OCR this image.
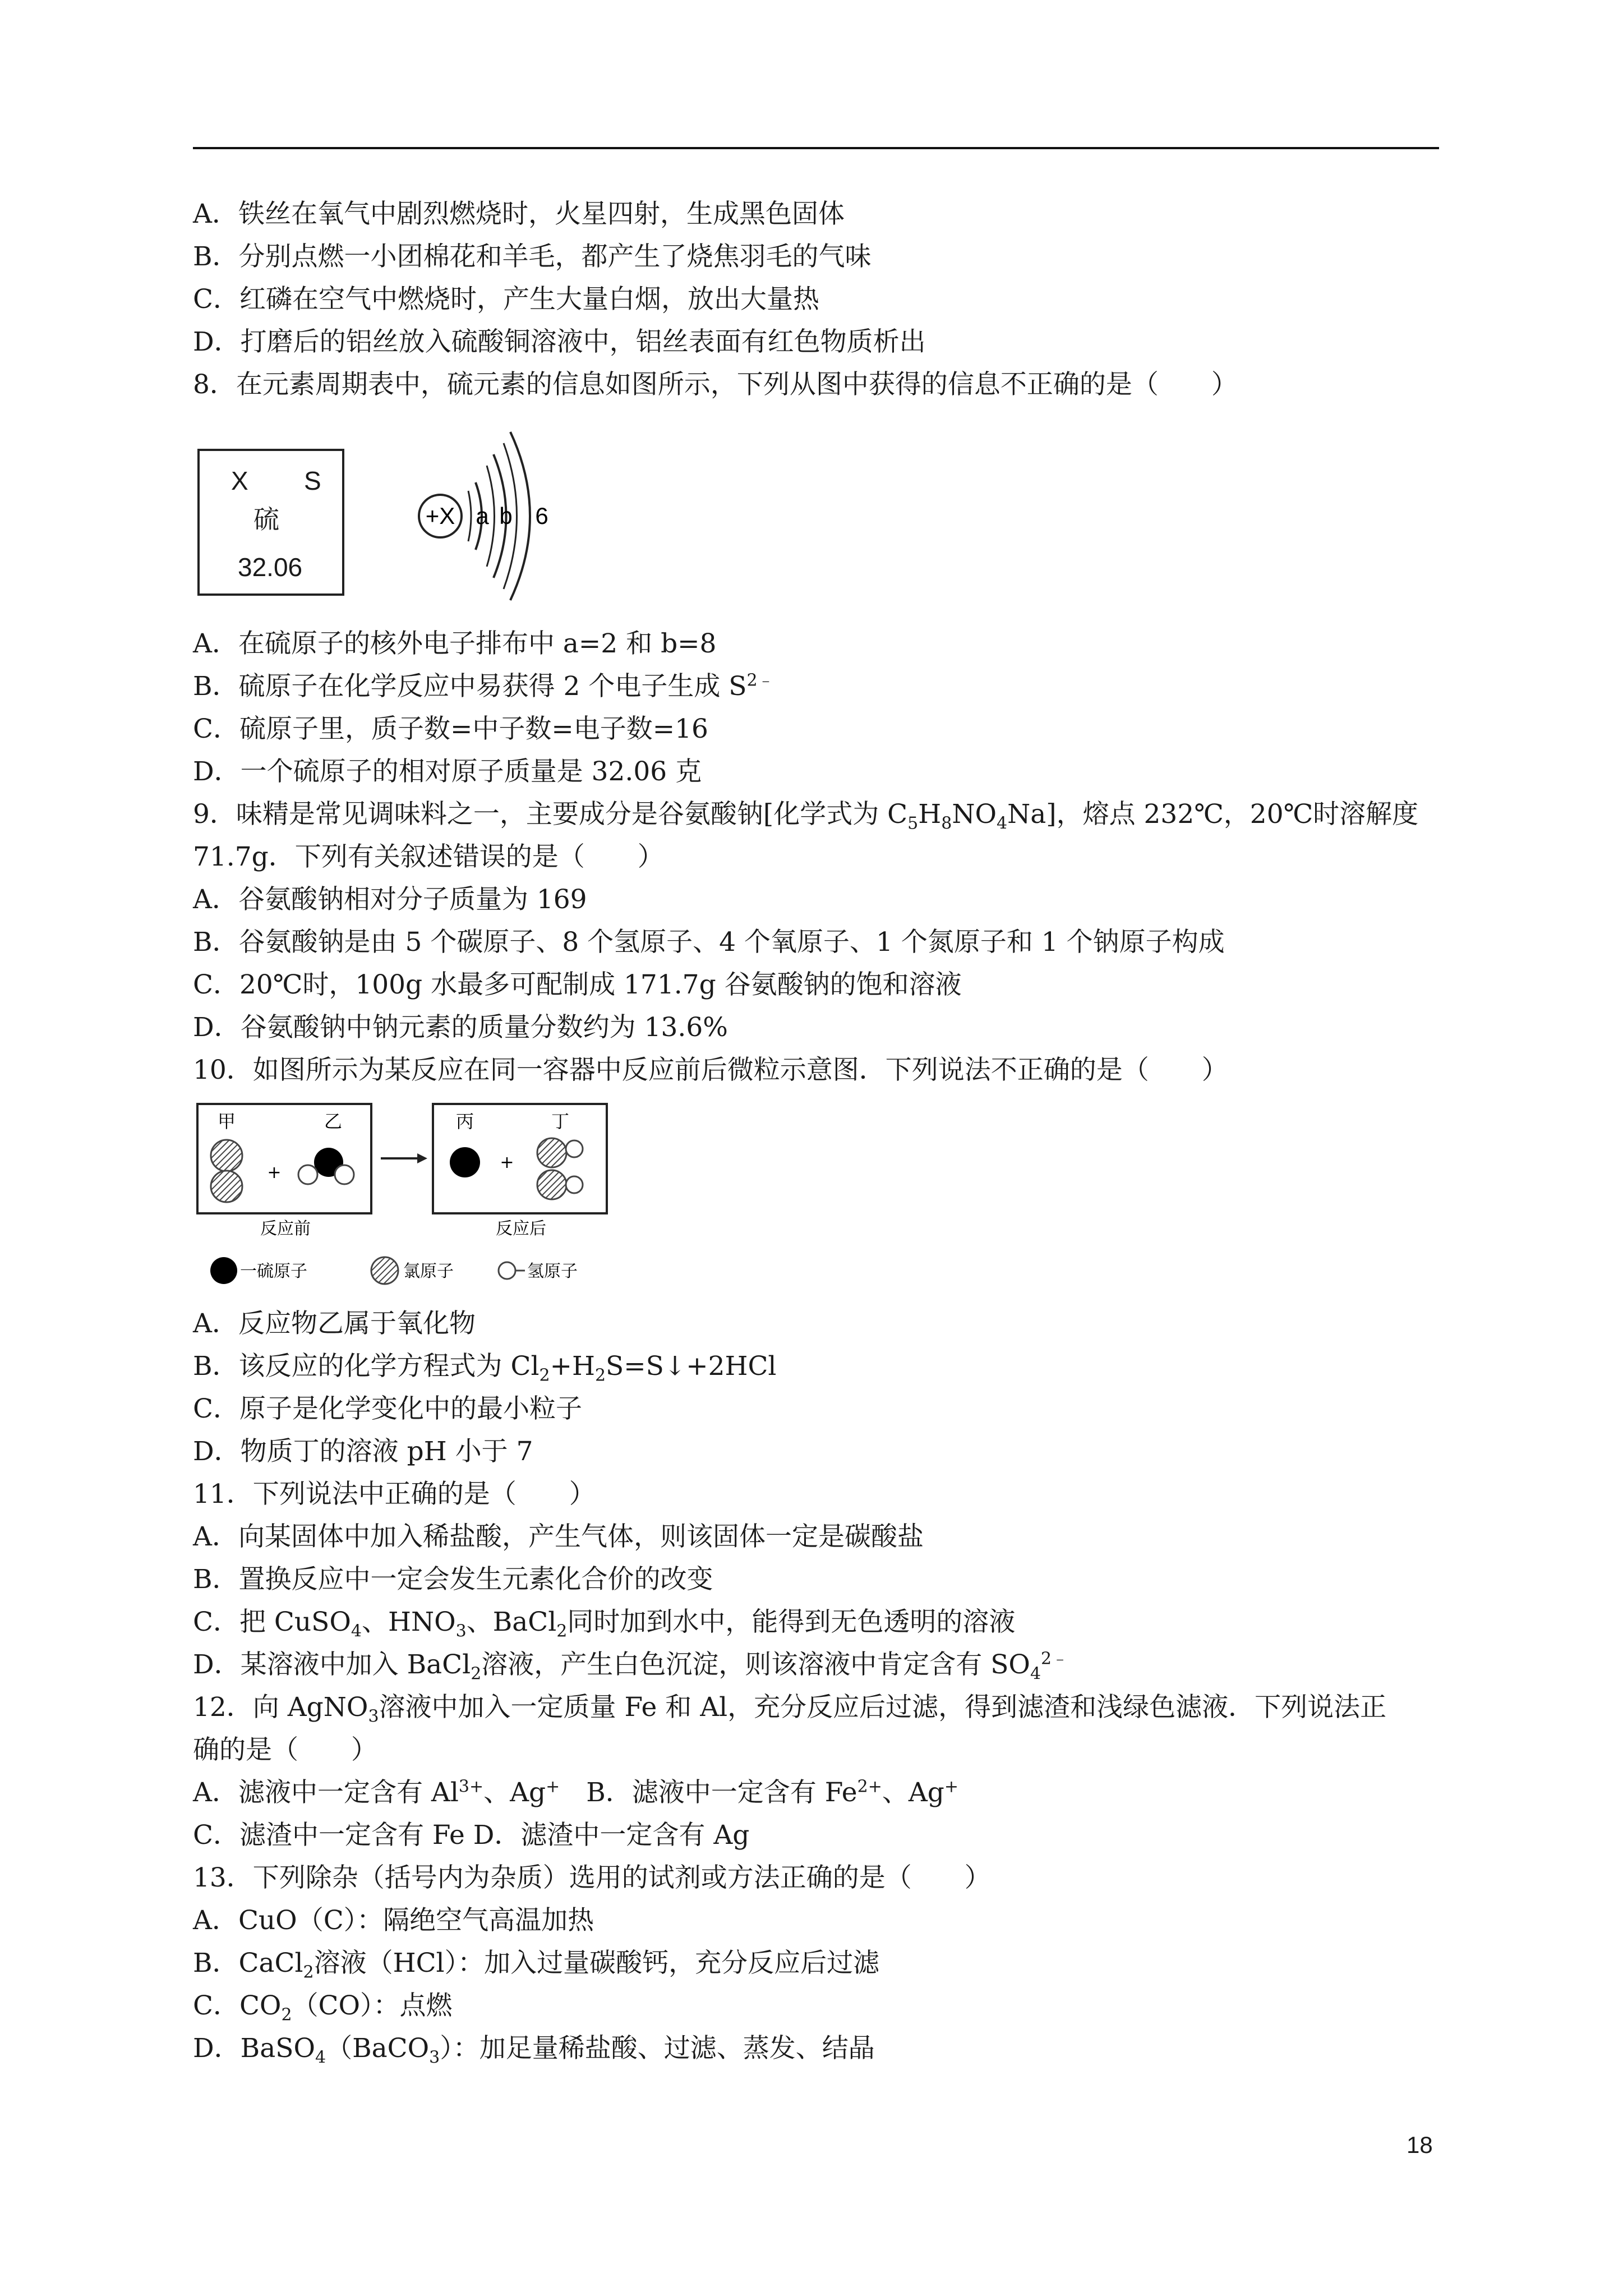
A．铁丝在氧气中剧烈燃烧时，火星四射，生成黑色固体
B．分别点燃一小团棉花和羊毛，都产生了烧焦羽毛的气味
C．红磷在空气中燃烧时，产生大量白烟，放出大量热
D．打磨后的铝丝放入硫酸铜溶液中，铝丝表面有红色物质析出
8．在元素周期表中，硫元素的信息如图所示，下列从图中获得的信息不正确的是（　　）
X S
硫
32.06
+X a b 6
A．在硫原子的核外电子排布中 a=2 和 b=8
B．硫原子在化学反应中易获得 2 个电子生成 $S^{2﹣}$
C．硫原子里，质子数=中子数=电子数=16
D．一个硫原子的相对原子质量是 32.06 克
9．味精是常见调味料之一，主要成分是谷氨酸钠[化学式为 $C_5H_8NO_4Na$]，熔点 232℃，20℃时溶解度
71.7g．下列有关叙述错误的是（　　）
A．谷氨酸钠相对分子质量为 169
B．谷氨酸钠是由 5 个碳原子、8 个氢原子、4 个氧原子、1 个氮原子和 1 个钠原子构成
C．20℃时，100g 水最多可配制成 171.7g 谷氨酸钠的饱和溶液
D．谷氨酸钠中钠元素的质量分数约为 13.6%
10．如图所示为某反应在同一容器中反应前后微粒示意图．下列说法不正确的是（　　）
甲	乙
+
丙	丁
+
反应前	反应后
一硫原子	氯原子	氢原子
A．反应物乙属于氧化物
B．该反应的化学方程式为 $Cl_2+H_2S=S↓+2HCl$
C．原子是化学变化中的最小粒子
D．物质丁的溶液 pH 小于 7
11．下列说法中正确的是（　　）
A．向某固体中加入稀盐酸，产生气体，则该固体一定是碳酸盐
B．置换反应中一定会发生元素化合价的改变
C．把 CuSO$_4$、$HNO_3$、BaCl$_2$同时加到水中，能得到无色透明的溶液
D．某溶液中加入 BaCl$_2$溶液，产生白色沉淀，则该溶液中肯定含有 $SO_4^{2﹣}$
12．向 AgNO$_3$溶液中加入一定质量 Fe 和 Al，充分反应后过滤，得到滤渣和浅绿色滤液．下列说法正
确的是（　　）
A．滤液中一定含有 $Al^{3+}$、Ag+　B．滤液中一定含有 $Fe^{2+}$、Ag+
C．滤渣中一定含有 Fe D．滤渣中一定含有 Ag
13．下列除杂（括号内为杂质）选用的试剂或方法正确的是（　　）
A．CuO（C）：隔绝空气高温加热
B．CaCl$_2$溶液（HCl）：加入过量碳酸钙，充分反应后过滤
C．$CO_2(CO)$：点燃
D．BaSO$_4$（BaCO$_3$）：加足量稀盐酸、过滤、蒸发、结晶
18
